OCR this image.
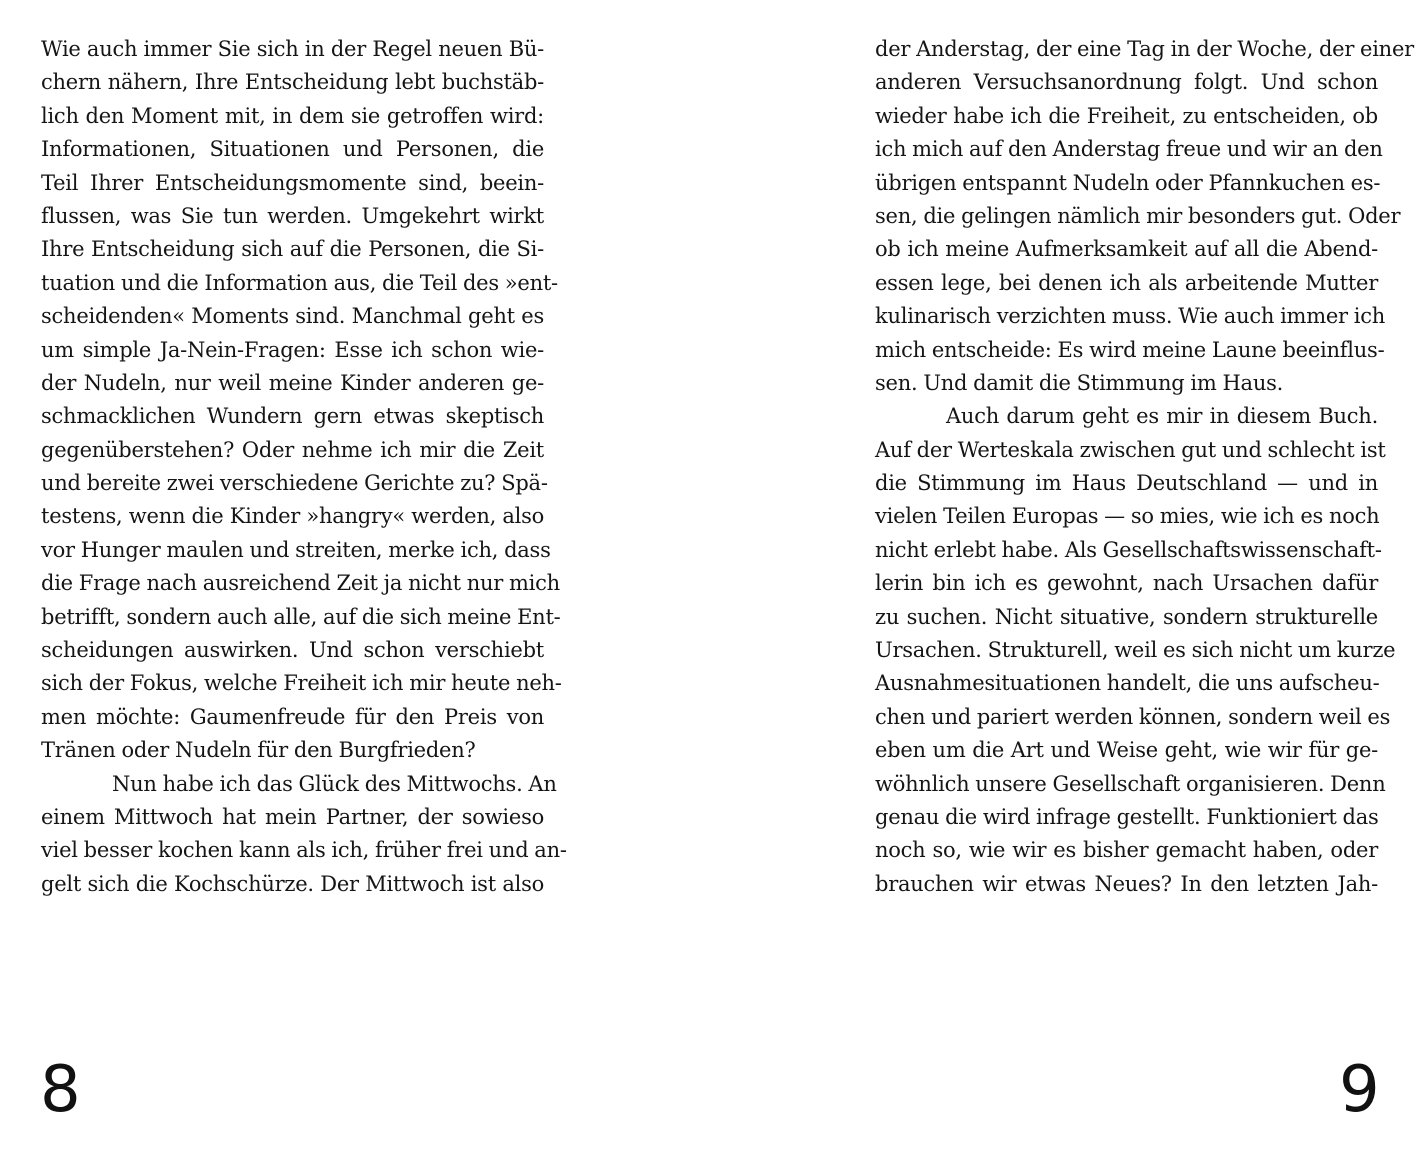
Wie auch immer Sie sich in der Regel neuen Bü-
chern nähern, Ihre Entscheidung lebt buchstäb-
lich den Moment mit, in dem sie getroffen wird:
Informationen, Situationen und Personen, die
Teil Ihrer Entscheidungsmomente sind, beein-
flussen, was Sie tun werden. Umgekehrt wirkt
Ihre Entscheidung sich auf die Personen, die Si-
tuation und die Information aus, die Teil des »ent-
scheidenden« Moments sind. Manchmal geht es
um simple Ja-Nein-Fragen: Esse ich schon wie-
der Nudeln, nur weil meine Kinder anderen ge-
schmacklichen Wundern gern etwas skeptisch
gegenüberstehen? Oder nehme ich mir die Zeit
und bereite zwei verschiedene Gerichte zu? Spä-
testens, wenn die Kinder »hangry« werden, also
vor Hunger maulen und streiten, merke ich, dass
die Frage nach ausreichend Zeit ja nicht nur mich
betrifft, sondern auch alle, auf die sich meine Ent-
scheidungen auswirken. Und schon verschiebt
sich der Fokus, welche Freiheit ich mir heute neh-
men möchte: Gaumenfreude für den Preis von
Tränen oder Nudeln für den Burgfrieden?
Nun habe ich das Glück des Mittwochs. An
einem Mittwoch hat mein Partner, der sowieso
viel besser kochen kann als ich, früher frei und an-
gelt sich die Kochschürze. Der Mittwoch ist also
8
der Anderstag, der eine Tag in der Woche, der einer
anderen Versuchsanordnung folgt. Und schon
wieder habe ich die Freiheit, zu entscheiden, ob
ich mich auf den Anderstag freue und wir an den
übrigen entspannt Nudeln oder Pfannkuchen es-
sen, die gelingen nämlich mir besonders gut. Oder
ob ich meine Aufmerksamkeit auf all die Abend-
essen lege, bei denen ich als arbeitende Mutter
kulinarisch verzichten muss. Wie auch immer ich
mich entscheide: Es wird meine Laune beeinflus-
sen. Und damit die Stimmung im Haus.
Auch darum geht es mir in diesem Buch.
Auf der Werteskala zwischen gut und schlecht ist
die Stimmung im Haus Deutschland — und in
vielen Teilen Europas — so mies, wie ich es noch
nicht erlebt habe. Als Gesellschaftswissenschaft-
lerin bin ich es gewohnt, nach Ursachen dafür
zu suchen. Nicht situative, sondern strukturelle
Ursachen. Strukturell, weil es sich nicht um kurze
Ausnahmesituationen handelt, die uns aufscheu-
chen und pariert werden können, sondern weil es
eben um die Art und Weise geht, wie wir für ge-
wöhnlich unsere Gesellschaft organisieren. Denn
genau die wird infrage gestellt. Funktioniert das
noch so, wie wir es bisher gemacht haben, oder
brauchen wir etwas Neues? In den letzten Jah-
9
